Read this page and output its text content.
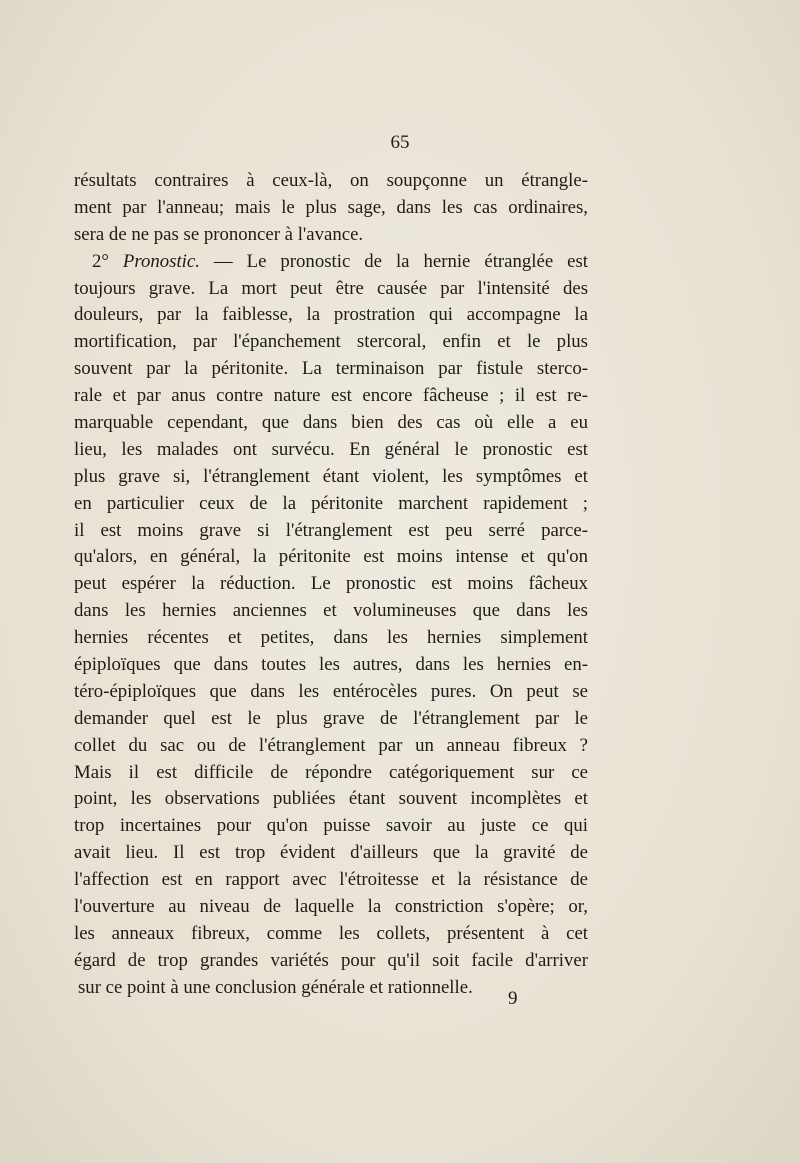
65
résultats contraires à ceux-là, on soupçonne un étrangle-
ment par l'anneau; mais le plus sage, dans les cas ordinaires,
sera de ne pas se prononcer à l'avance.
2° Pronostic. — Le pronostic de la hernie étranglée est
toujours grave. La mort peut être causée par l'intensité des
douleurs, par la faiblesse, la prostration qui accompagne la
mortification, par l'épanchement stercoral, enfin et le plus
souvent par la péritonite. La terminaison par fistule sterco-
rale et par anus contre nature est encore fâcheuse ; il est re-
marquable cependant, que dans bien des cas où elle a eu
lieu, les malades ont survécu. En général le pronostic est
plus grave si, l'étranglement étant violent, les symptômes et
en particulier ceux de la péritonite marchent rapidement ;
il est moins grave si l'étranglement est peu serré parce-
qu'alors, en général, la péritonite est moins intense et qu'on
peut espérer la réduction. Le pronostic est moins fâcheux
dans les hernies anciennes et volumineuses que dans les
hernies récentes et petites, dans les hernies simplement
épiploïques que dans toutes les autres, dans les hernies en-
téro-épiploïques que dans les entérocèles pures. On peut se
demander quel est le plus grave de l'étranglement par le
collet du sac ou de l'étranglement par un anneau fibreux ?
Mais il est difficile de répondre catégoriquement sur ce
point, les observations publiées étant souvent incomplètes et
trop incertaines pour qu'on puisse savoir au juste ce qui
avait lieu. Il est trop évident d'ailleurs que la gravité de
l'affection est en rapport avec l'étroitesse et la résistance de
l'ouverture au niveau de laquelle la constriction s'opère; or,
les anneaux fibreux, comme les collets, présentent à cet
égard de trop grandes variétés pour qu'il soit facile d'arriver
sur ce point à une conclusion générale et rationnelle.
9
